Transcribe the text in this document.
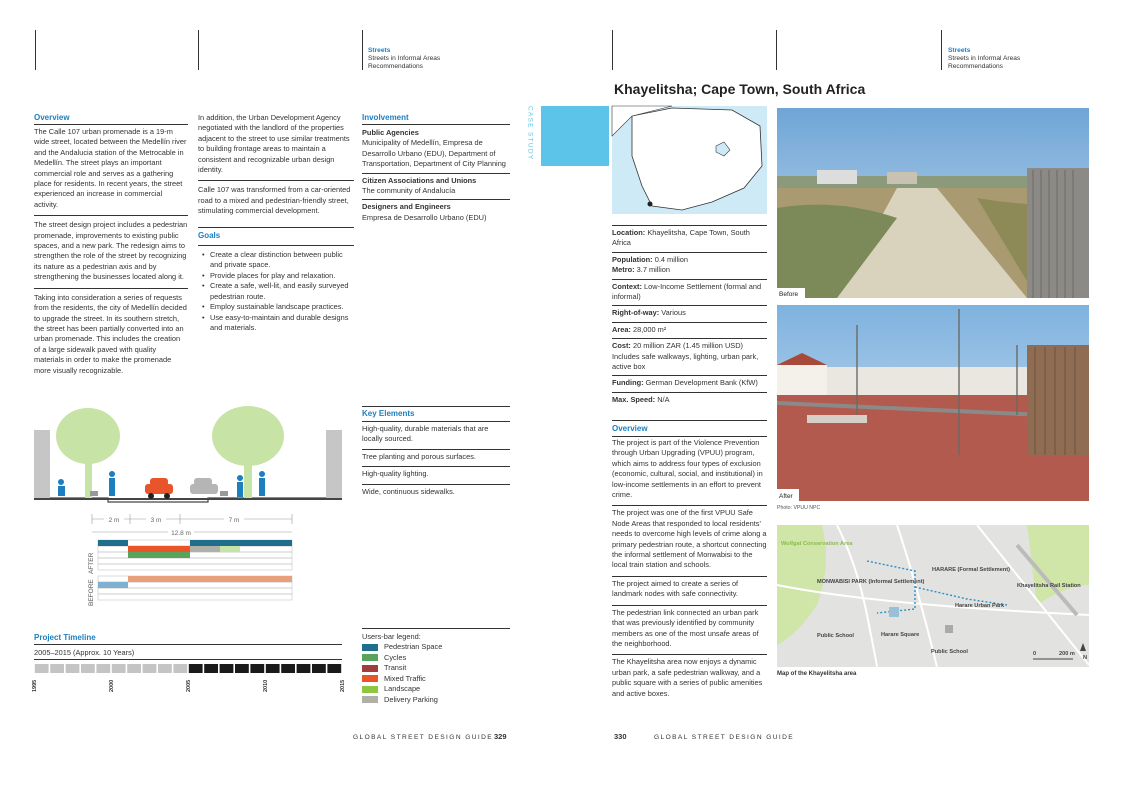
Streets
Streets in Informal Areas
Recommendations
Streets
Streets in Informal Areas
Recommendations
Khayelitsha; Cape Town, South Africa
Overview
The Calle 107 urban promenade is a 19-m wide street, located between the Medellín river and the Andalucia station of the Metrocable in Medellín. The street plays an important commercial role and serves as a gathering place for residents. In recent years, the street experienced an increase in commercial activity.
The street design project includes a pedestrian promenade, improvements to existing public spaces, and a new park. The redesign aims to strengthen the role of the street by recognizing its nature as a pedestrian axis and by strengthening the businesses located along it.
Taking into consideration a series of requests from the residents, the city of Medellín decided to upgrade the street. In its southern stretch, the street has been partially converted into an urban promenade. This includes the creation of a large sidewalk paved with quality materials in order to make the promenade more visually recognizable.
In addition, the Urban Development Agency negotiated with the landlord of the properties adjacent to the street to use similar treatments to building frontage areas to maintain a consistent and recognizable urban design identity.
Calle 107 was transformed from a car-oriented road to a mixed and pedestrian-friendly street, stimulating commercial development.
Goals
• Create a clear distinction between public and private space.
• Provide places for play and relaxation.
• Create a safe, well-lit, and easily surveyed pedestrian route.
• Employ sustainable landscape practices.
• Use easy-to-maintain and durable designs and materials.
Involvement
Public Agencies
Municipality of Medellín, Empresa de Desarrollo Urbano (EDU), Department of Transportation, Department of City Planning
Citizen Associations and Unions
The community of Andalucía
Designers and Engineers
Empresa de Desarrollo Urbano (EDU)
Key Elements
High-quality, durable materials that are locally sourced.
Tree planting and porous surfaces.
High-quality lighting.
Wide, continuous sidewalks.
2 m	3 m	7 m
12.8 m
AFTER
BEFORE
Project Timeline
2005–2015 (Approx. 10 Years)
1995	2000	2005	2010	2015
Users-bar legend:
Pedestrian Space
Cycles
Transit
Mixed Traffic
Landscape
Delivery Parking
GLOBAL STREET DESIGN GUIDE 329	330	GLOBAL STREET DESIGN GUIDE
CASE STUDY	CASE STUDY
Location: Khayelitsha, Cape Town, South Africa
Population: 0.4 million
Metro: 3.7 million
Context: Low-Income Settlement (formal and informal)
Right-of-way: Various
Area: 28,000 m²
Cost: 20 million ZAR (1.45 million USD) Includes safe walkways, lighting, urban park, active box
Funding: German Development Bank (KfW)
Max. Speed: N/A
Overview
The project is part of the Violence Prevention through Urban Upgrading (VPUU) program, which aims to address four types of exclusion (economic, cultural, social, and institutional) in low-income settlements in an effort to prevent crime.
The project was one of the first VPUU Safe Node Areas that responded to local residents' needs to overcome high levels of crime along a primary pedestrian route, a shortcut connecting the informal settlement of Monwabisi to the local train station and schools.
The project aimed to create a series of landmark nodes with safe connectivity.
The pedestrian link connected an urban park that was previously identified by community members as one of the most unsafe areas of the neighborhood.
The Khayelitsha area now enjoys a dynamic urban park, a safe pedestrian walkway, and a public square with a series of public amenities and active boxes.
Before
After
Photo: VPUU NPC
Wolfgat Conservation Area
MONWABISI PARK (Informal Settlement)
HARARE (Formal Settlement)
Khayelitsha Rail Station
Harare Urban Park
Public School	Harare Square
Public School	0	200 m
N
Map of the Khayelitsha area
